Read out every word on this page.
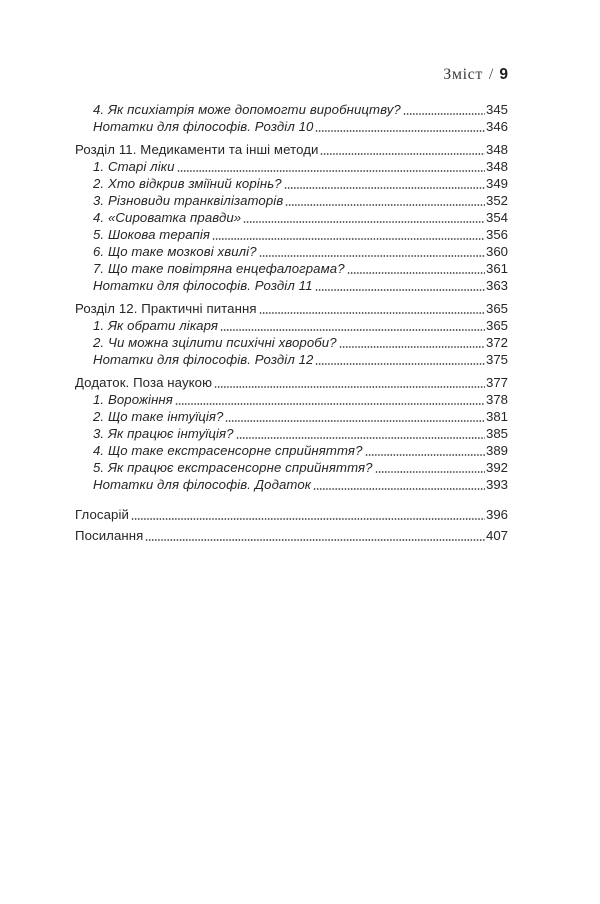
Зміст / 9
4. Як психіатрія може допомогти виробництву?	345
Нотатки для філософів. Розділ 10	346
Розділ 11. Медикаменти та інші методи	348
1. Старі ліки	348
2. Хто відкрив зміїний корінь?	349
3. Різновиди транквілізаторів	352
4. «Сироватка правди»	354
5. Шокова терапія	356
6. Що таке мозкові хвилі?	360
7. Що таке повітряна енцефалограма?	361
Нотатки для філософів. Розділ 11	363
Розділ 12. Практичні питання	365
1. Як обрати лікаря	365
2. Чи можна зцілити психічні хвороби?	372
Нотатки для філософів. Розділ 12	375
Додаток. Поза наукою	377
1. Ворожіння	378
2. Що таке інтуїція?	381
3. Як працює інтуїція?	385
4. Що таке екстрасенсорне сприйняття?	389
5. Як працює екстрасенсорне сприйняття?	392
Нотатки для філософів. Додаток	393
Глосарій	396
Посилання	407
